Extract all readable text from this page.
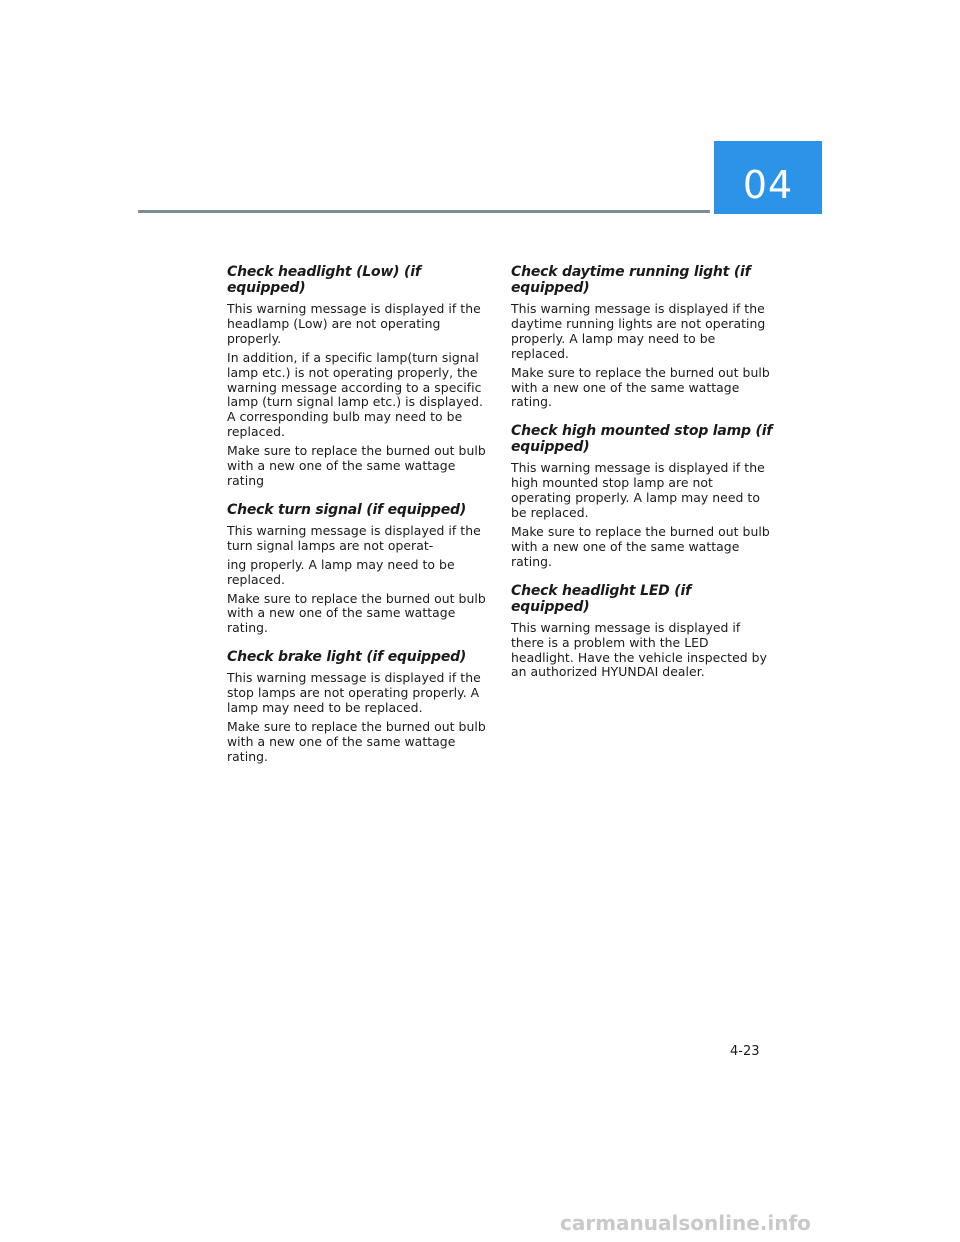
04
Check headlight (Low) (if equipped)

This warning message is displayed if the headlamp (Low) are not operating properly.

In addition, if a specific lamp(turn signal lamp etc.) is not operating properly, the warning message according to a specific lamp (turn signal lamp etc.) is displayed. A corresponding bulb may need to be replaced.

Make sure to replace the burned out bulb with a new one of the same wattage rating

Check turn signal (if equipped)

This warning message is displayed if the turn signal lamps are not operat-

ing properly. A lamp may need to be replaced.

Make sure to replace the burned out bulb with a new one of the same wattage rating.

Check brake light (if equipped)

This warning message is displayed if the stop lamps are not operating properly. A lamp may need to be replaced.

Make sure to replace the burned out bulb with a new one of the same wattage rating.

Check daytime running light (if equipped)

This warning message is displayed if the daytime running lights are not operating properly. A lamp may need to be replaced.

Make sure to replace the burned out bulb with a new one of the same wattage rating.

Check high mounted stop lamp (if equipped)

This warning message is displayed if the high mounted stop lamp are not operating properly. A lamp may need to be replaced.

Make sure to replace the burned out bulb with a new one of the same wattage rating.

Check headlight LED (if equipped)

This warning message is displayed if there is a problem with the LED headlight. Have the vehicle inspected by an authorized HYUNDAI dealer.

4-23
carmanualsonline.info
